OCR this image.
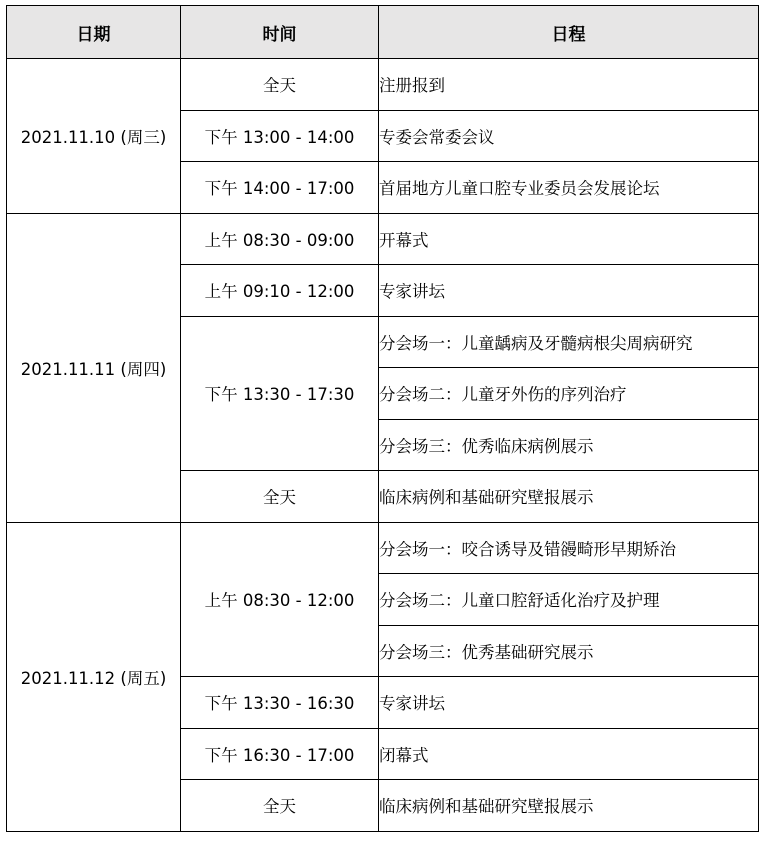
日期	时间	日程
2021.11.10 (周三)	全天	注册报到
	下午 13:00 - 14:00	专委会常委会议
	下午 14:00 - 17:00	首届地方儿童口腔专业委员会发展论坛
2021.11.11 (周四)	上午 08:30 - 09:00	开幕式
	上午 09:10 - 12:00	专家讲坛
	下午 13:30 - 17:30	分会场一：儿童龋病及牙髓病根尖周病研究
		分会场二：儿童牙外伤的序列治疗
		分会场三：优秀临床病例展示
	全天	临床病例和基础研究壁报展示
2021.11.12 (周五)	上午 08:30 - 12:00	分会场一：咬合诱导及错䜱畸形早期矫治
		分会场二：儿童口腔舒适化治疗及护理
		分会场三：优秀基础研究展示
	下午 13:30 - 16:30	专家讲坛
	下午 16:30 - 17:00	闭幕式
	全天	临床病例和基础研究壁报展示
